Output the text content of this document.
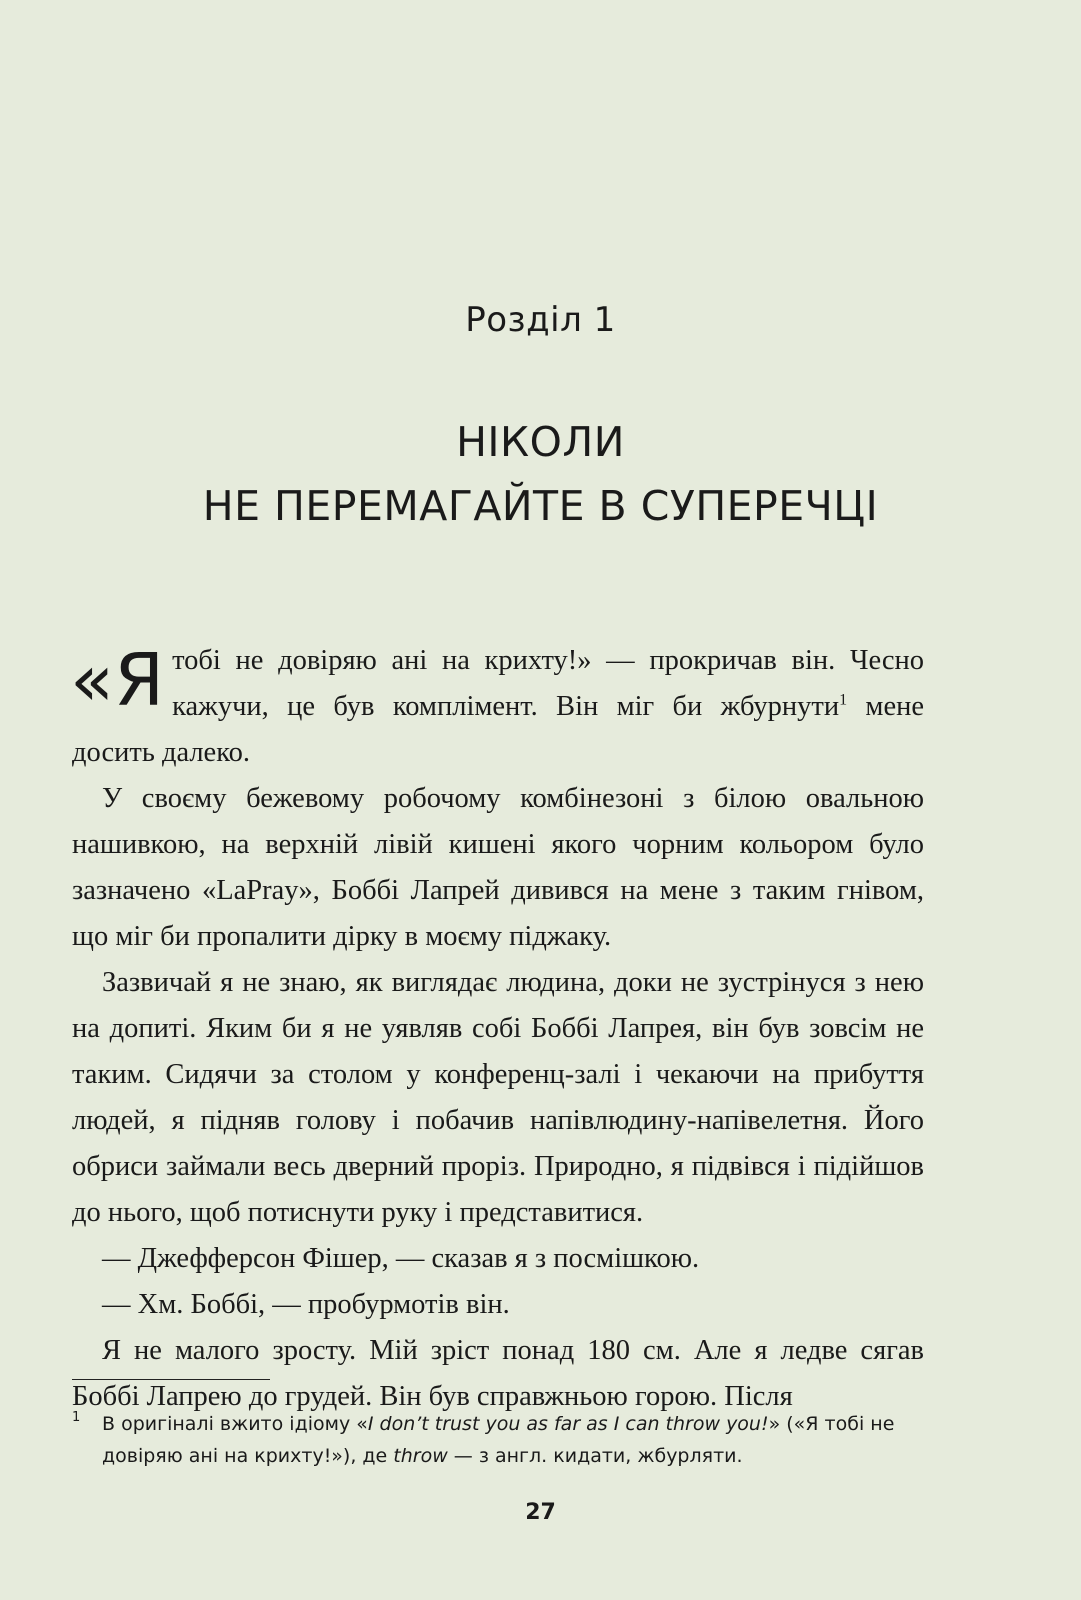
Розділ 1
НІКОЛИ
НЕ ПЕРЕМАГАЙТЕ В СУПЕРЕЧЦІ

«Я тобі не довіряю ані на крихту!» — прокричав він. Чесно кажучи, це був комплімент. Він міг би жбурнути$^1$ мене досить далеко.

У своєму бежевому робочому комбінезоні з білою овальною нашивкою, на верхній лівій кишені якого чорним кольором було зазначено «LaPray», Боббі Лапрей дивився на мене з таким гнівом, що міг би пропалити дірку в моєму піджаку.

Зазвичай я не знаю, як виглядає людина, доки не зустрінуся з нею на допиті. Яким би я не уявляв собі Боббі Лапрея, він був зовсім не таким. Сидячи за столом у конференц-залі і чекаючи на прибуття людей, я підняв голову і побачив напівлюдину-напівелетня. Його обриси займали весь дверний проріз. Природно, я підвівся і підійшов до нього, щоб потиснути руку і представитися.

— Джефферсон Фішер, — сказав я з посмішкою.

— Хм. Боббі, — пробурмотів він.

Я не малого зросту. Мій зріст понад 180 см. Але я ледве сягав Боббі Лапрею до грудей. Він був справжньою горою. Після

1 В оригіналі вжито ідіому «I don’t trust you as far as I can throw you!» («Я тобі не довіряю ані на крихту!»), де throw — з англ. кидати, жбурляти.
27
